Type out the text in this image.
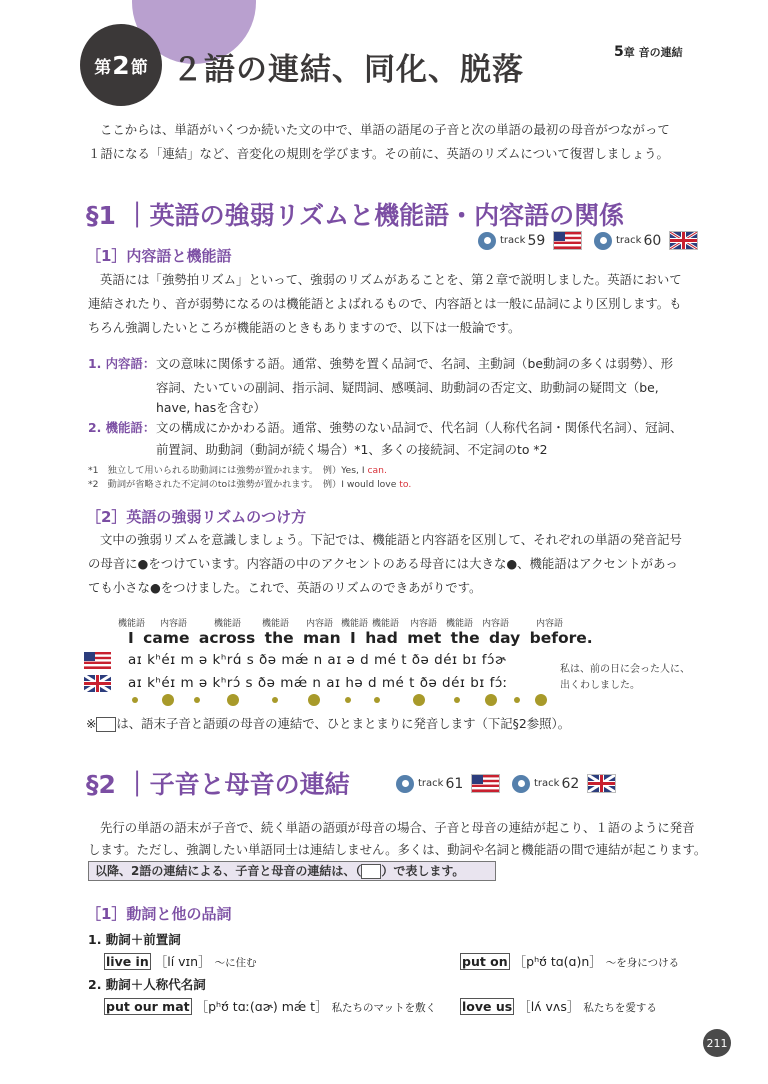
第 2 節 ２語の連結、同化、脱落	5章 音の連結
ここからは、単語がいくつか続いた文の中で、単語の語尾の子音と次の単語の最初の母音がつながって
１語になる「連結」など、音変化の規則を学びます。その前に、英語のリズムについて復習しましょう。
§1 ｜英語の強弱リズムと機能語・内容語の関係
track 59	track 60
［1］内容語と機能語
英語には「強勢拍リズム」といって、強弱のリズムがあることを、第２章で説明しました。英語において
連結されたり、音が弱勢になるのは機能語とよばれるもので、内容語とは一般に品詞により区別します。も
ちろん強調したいところが機能語のときもありますので、以下は一般論です。
1. 内容語： 文の意味に関係する語。通常、強勢を置く品詞で、名詞、主動詞（be動詞の多くは弱勢）、形
容詞、たいていの副詞、指示詞、疑問詞、感嘆詞、助動詞の否定文、助動詞の疑問文（be,
have, hasを含む）
2. 機能語： 文の構成にかかわる語。通常、強勢のない品詞で、代名詞（人称代名詞・関係代名詞）、冠詞、
前置詞、助動詞（動詞が続く場合）*1、多くの接続詞、不定詞のto *2
*1　独立して用いられる助動詞には強勢が置かれます。　例）Yes, I can.
*2　動詞が省略された不定詞のtoは強勢が置かれます。　例）I would love to.
［2］英語の強弱リズムのつけ方
文中の強弱リズムを意識しましょう。下記では、機能語と内容語を区別して、それぞれの単語の発音記号
の母音に●をつけています。内容語の中のアクセントのある母音には大きな●、機能語はアクセントがあっ
ても小さな●をつけました。これで、英語のリズムのできあがりです。
機能語 内容語	機能語 機能語 内容語 機能語 機能語 内容語 機能語 内容語	内容語
I came across the man I had met the day before.
aɪ kʰéɪ m ə kʰrɑ́ s ðə mǽ n aɪ ə d mé t ðə déɪ bɪ fɔ́ɚ
aɪ kʰéɪ m ə kʰrɔ́ s ðə mǽ n aɪ hə d mé t ðə déɪ bɪ fɔ́ː
私は、前の日に会った人に、
出くわしました。
※ は、語末子音と語頭の母音の連結で、ひとまとまりに発音します（下記§2参照）。
§2 ｜子音と母音の連結	track 61	track 62
先行の単語の語末が子音で、続く単語の語頭が母音の場合、子音と母音の連結が起こり、１語のように発音
します。ただし、強調したい単語同士は連結しません。多くは、動詞や名詞と機能語の間で連結が起こります。
以降、2語の連結による、子音と母音の連結は、（ ）で表します。
［1］動詞と他の品詞
1. 動詞＋前置詞
live in ［lí vɪn］ ～に住む	put on ［pʰʊ́ tɑ(ɑ)n］ ～を身につける
2. 動詞＋人称代名詞
put our mat ［pʰʊ́ tɑː(ɑɚ) mǽ t］ 私たちのマットを敷く love us ［lʌ́ vʌs］ 私たちを愛する
211
